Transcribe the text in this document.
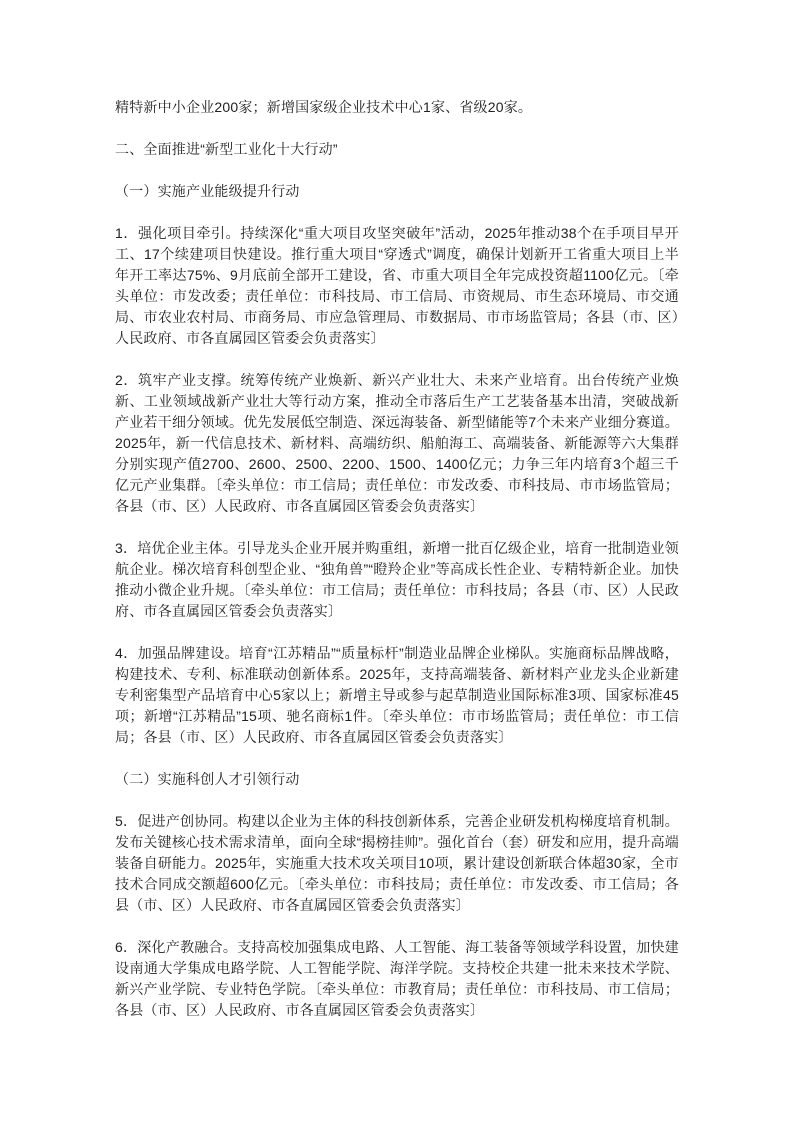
精特新中小企业200家；新增国家级企业技术中心1家、省级20家。

二、全面推进“新型工业化十大行动”

（一）实施产业能级提升行动

1．强化项目牵引。持续深化“重大项目攻坚突破年”活动，2025年推动38个在手项目早开工、17个续建项目快建设。推行重大项目“穿透式”调度，确保计划新开工省重大项目上半年开工率达75%、9月底前全部开工建设，省、市重大项目全年完成投资超1100亿元。〔牵头单位：市发改委；责任单位：市科技局、市工信局、市资规局、市生态环境局、市交通局、市农业农村局、市商务局、市应急管理局、市数据局、市市场监管局；各县（市、区）人民政府、市各直属园区管委会负责落实〕

2．筑牢产业支撑。统筹传统产业焕新、新兴产业壮大、未来产业培育。出台传统产业焕新、工业领域战新产业壮大等行动方案，推动全市落后生产工艺装备基本出清，突破战新产业若干细分领域。优先发展低空制造、深远海装备、新型储能等7个未来产业细分赛道。2025年，新一代信息技术、新材料、高端纺织、船舶海工、高端装备、新能源等六大集群分别实现产值2700、2600、2500、2200、1500、1400亿元；力争三年内培育3个超三千亿元产业集群。〔牵头单位：市工信局；责任单位：市发改委、市科技局、市市场监管局；各县（市、区）人民政府、市各直属园区管委会负责落实〕

3．培优企业主体。引导龙头企业开展并购重组，新增一批百亿级企业，培育一批制造业领航企业。梯次培育科创型企业、“独角兽”“瞪羚企业”等高成长性企业、专精特新企业。加快推动小微企业升规。〔牵头单位：市工信局；责任单位：市科技局；各县（市、区）人民政府、市各直属园区管委会负责落实〕

4．加强品牌建设。培育“江苏精品”“质量标杆”制造业品牌企业梯队。实施商标品牌战略，构建技术、专利、标准联动创新体系。2025年，支持高端装备、新材料产业龙头企业新建专利密集型产品培育中心5家以上；新增主导或参与起草制造业国际标准3项、国家标准45项；新增“江苏精品”15项、驰名商标1件。〔牵头单位：市市场监管局；责任单位：市工信局；各县（市、区）人民政府、市各直属园区管委会负责落实〕

（二）实施科创人才引领行动

5．促进产创协同。构建以企业为主体的科技创新体系，完善企业研发机构梯度培育机制。发布关键核心技术需求清单，面向全球“揭榜挂帅”。强化首台（套）研发和应用，提升高端装备自研能力。2025年，实施重大技术攻关项目10项，累计建设创新联合体超30家，全市技术合同成交额超600亿元。〔牵头单位：市科技局；责任单位：市发改委、市工信局；各县（市、区）人民政府、市各直属园区管委会负责落实〕

6．深化产教融合。支持高校加强集成电路、人工智能、海工装备等领域学科设置，加快建设南通大学集成电路学院、人工智能学院、海洋学院。支持校企共建一批未来技术学院、新兴产业学院、专业特色学院。〔牵头单位：市教育局；责任单位：市科技局、市工信局；各县（市、区）人民政府、市各直属园区管委会负责落实〕
